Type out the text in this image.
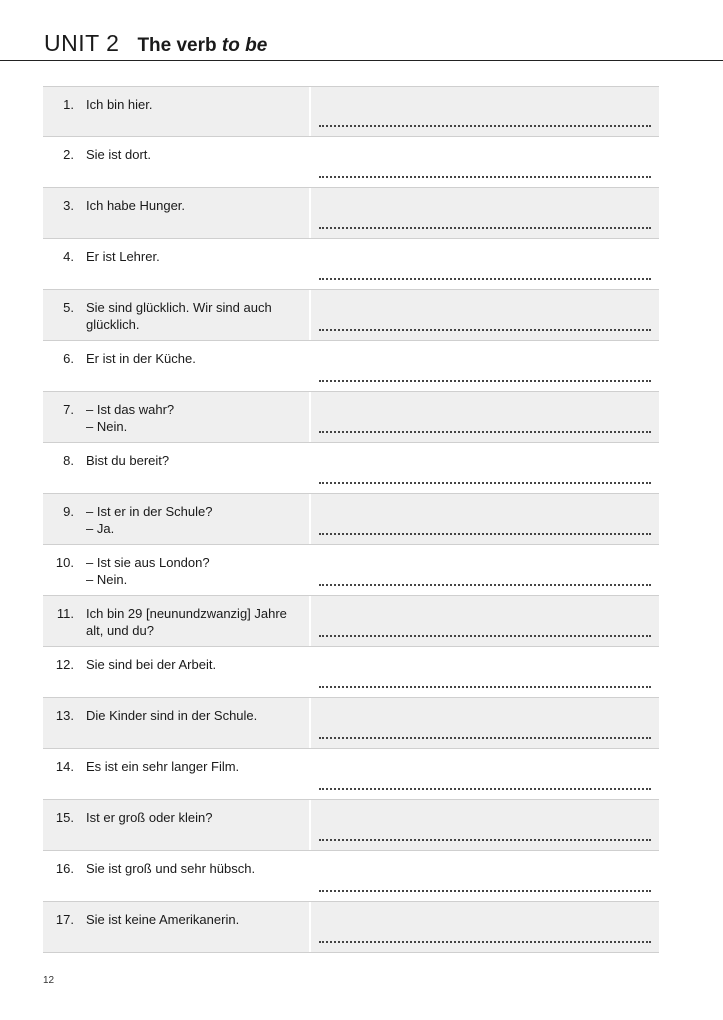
UNIT 2 The verb to be
1. Ich bin hier.
2. Sie ist dort.
3. Ich habe Hunger.
4. Er ist Lehrer.
5. Sie sind glücklich. Wir sind auch
glücklich.
6. Er ist in der Küche.
7. – Ist das wahr?
– Nein.
8. Bist du bereit?
9. – Ist er in der Schule?
– Ja.
10. – Ist sie aus London?
– Nein.
11. Ich bin 29 [neunundzwanzig] Jahre
alt, und du?
12. Sie sind bei der Arbeit.
13. Die Kinder sind in der Schule.
14. Es ist ein sehr langer Film.
15. Ist er groß oder klein?
16. Sie ist groß und sehr hübsch.
17. Sie ist keine Amerikanerin.
12
